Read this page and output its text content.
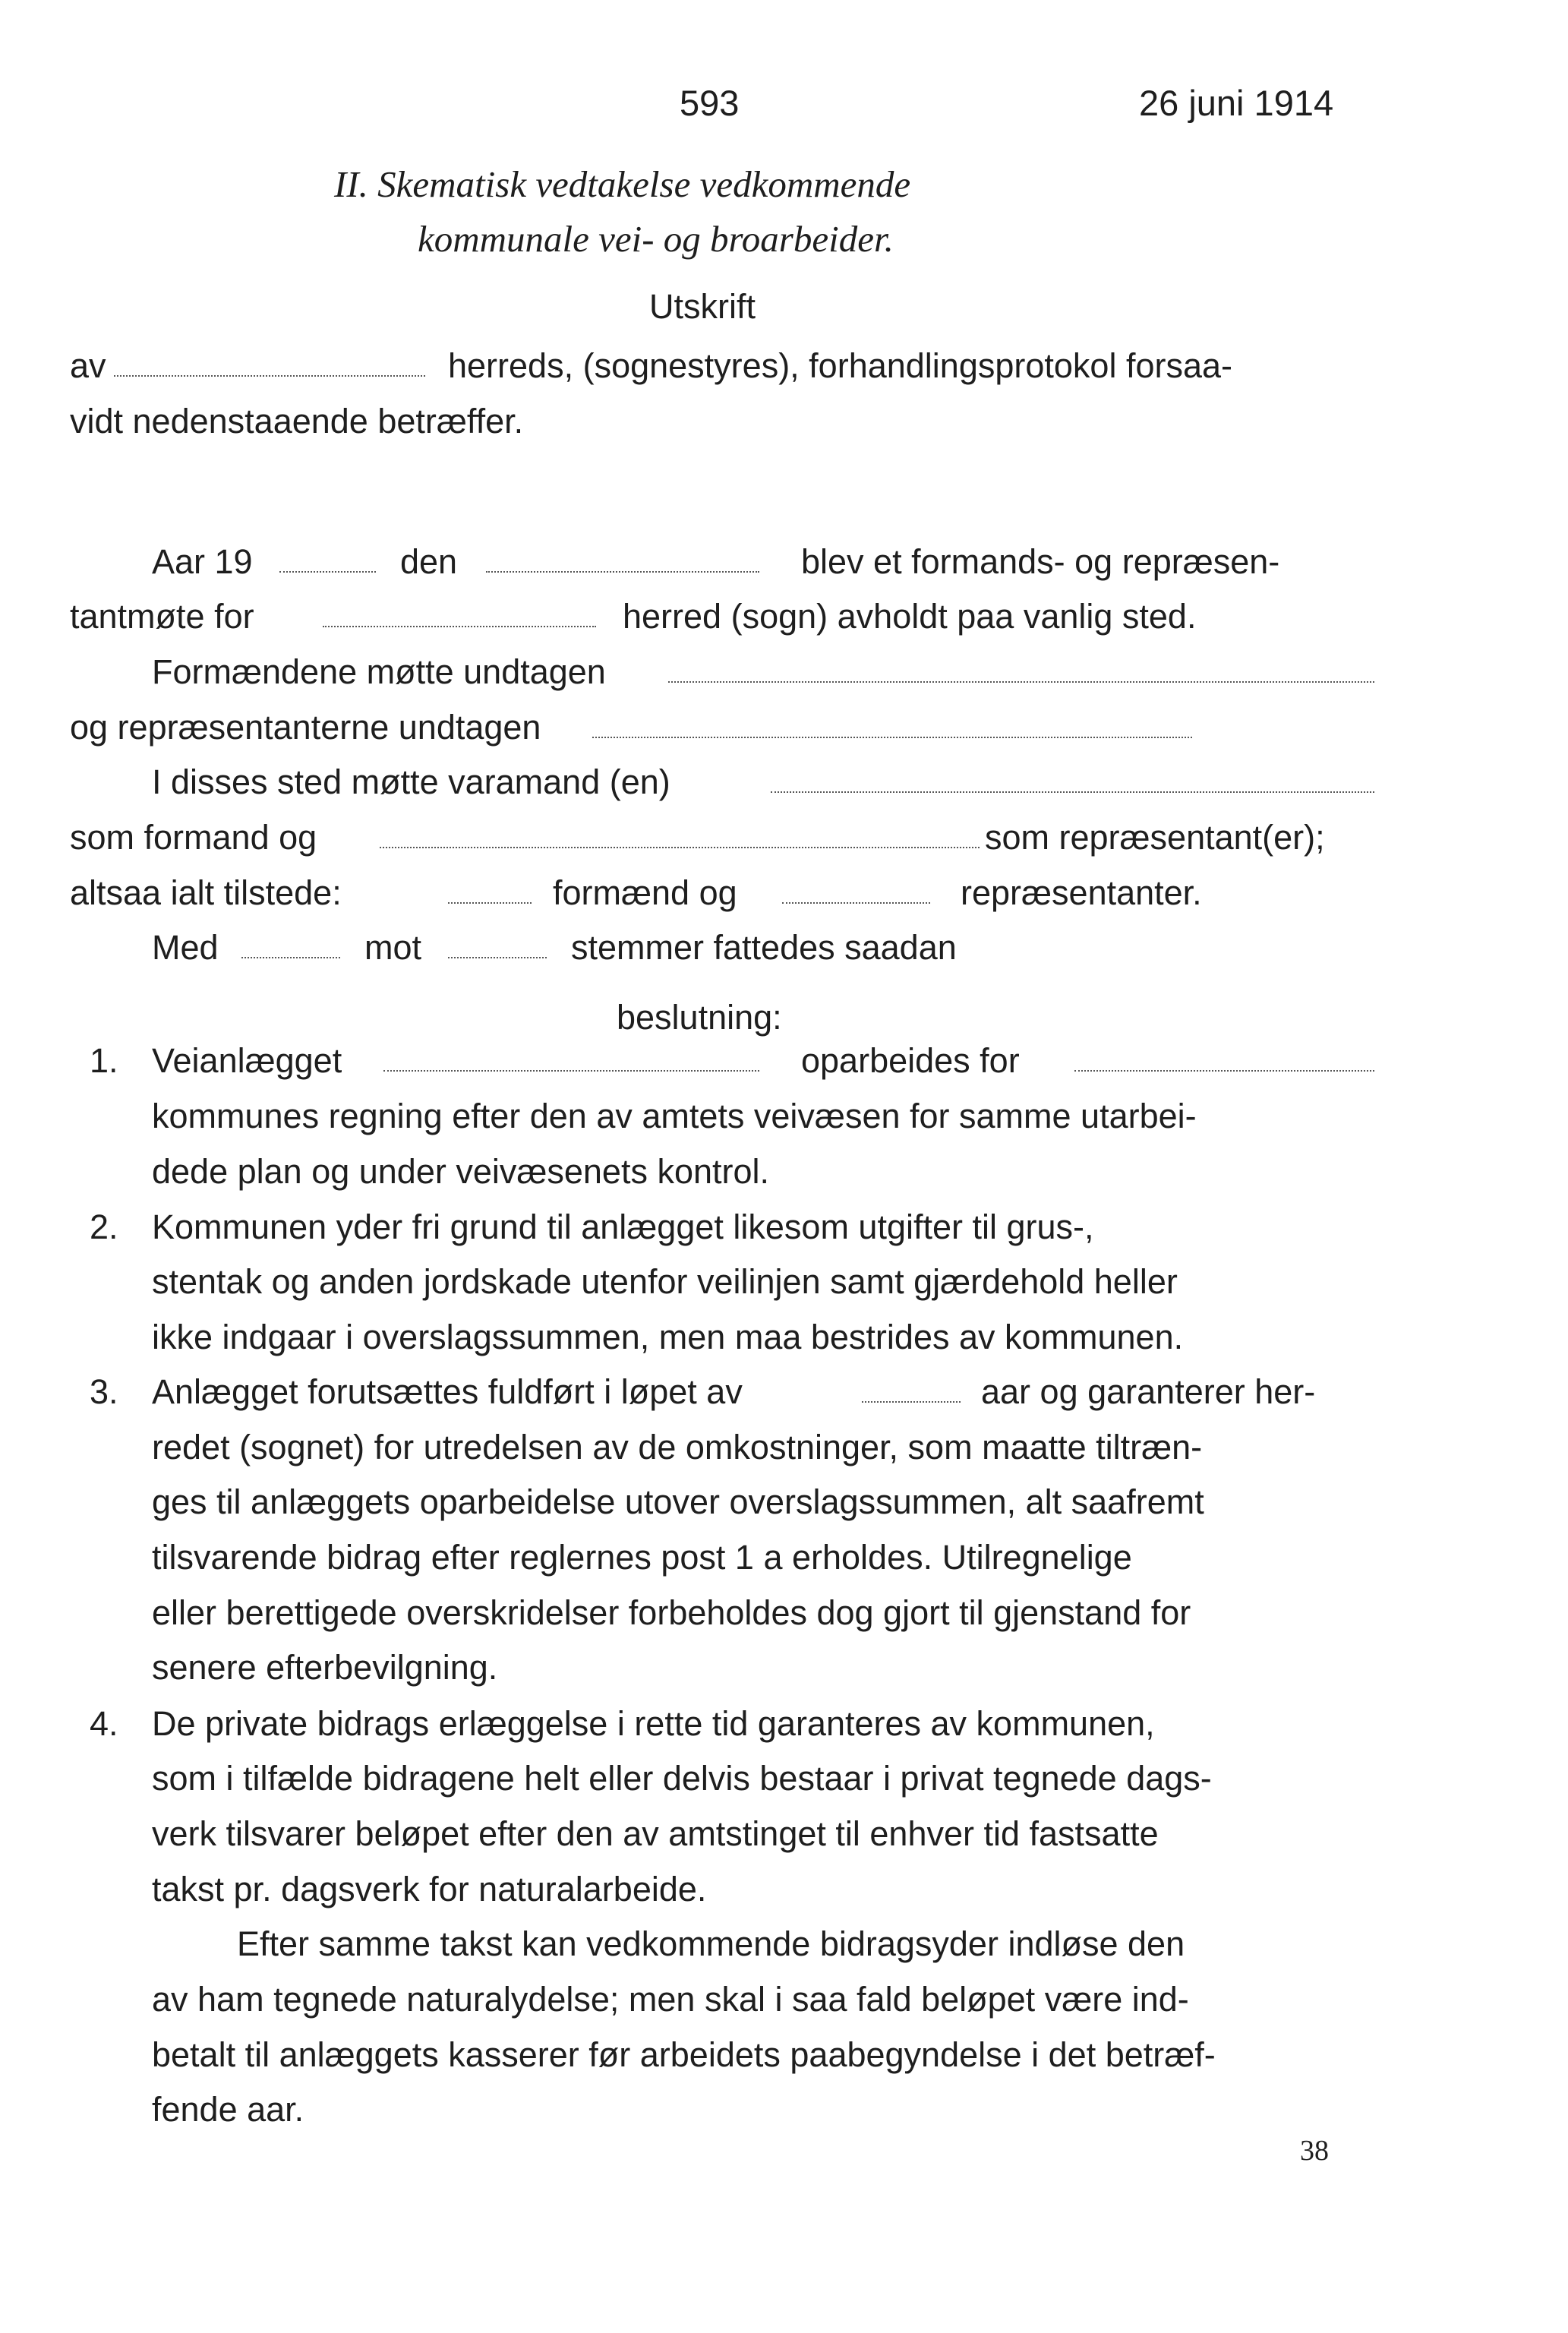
593	26 juni 1914
II. Skematisk vedtakelse vedkommende
kommunale vei- og broarbeider.
Utskrift
av	herreds, (sognestyres), forhandlingsprotokol forsaa-
vidt nedenstaaende betræffer.
Aar 19	den	blev et formands- og repræsen-
tantmøte for	herred (sogn) avholdt paa vanlig sted.
Formændene møtte undtagen
og repræsentanterne undtagen
I disses sted møtte varamand (en)
som formand og	som repræsentant(er);
altsaa ialt tilstede:	formænd og	repræsentanter.
Med	mot	stemmer fattedes saadan
beslutning:
1. Veianlægget	oparbeides for
kommunes regning efter den av amtets veivæsen for samme utarbei-
dede plan og under veivæsenets kontrol.
2. Kommunen yder fri grund til anlægget likesom utgifter til grus-,
stentak og anden jordskade utenfor veilinjen samt gjærdehold heller
ikke indgaar i overslagssummen, men maa bestrides av kommunen.
3. Anlægget forutsættes fuldført i løpet av	aar og garanterer her-
redet (sognet) for utredelsen av de omkostninger, som maatte tiltræn-
ges til anlæggets oparbeidelse utover overslagssummen, alt saafremt
tilsvarende bidrag efter reglernes post 1 a erholdes. Utilregnelige
eller berettigede overskridelser forbeholdes dog gjort til gjenstand for
senere efterbevilgning.
4. De private bidrags erlæggelse i rette tid garanteres av kommunen,
som i tilfælde bidragene helt eller delvis bestaar i privat tegnede dags-
verk tilsvarer beløpet efter den av amtstinget til enhver tid fastsatte
takst pr. dagsverk for naturalarbeide.
Efter samme takst kan vedkommende bidragsyder indløse den
av ham tegnede naturalydelse; men skal i saa fald beløpet være ind-
betalt til anlæggets kasserer før arbeidets paabegyndelse i det betræf-
fende aar.
38
